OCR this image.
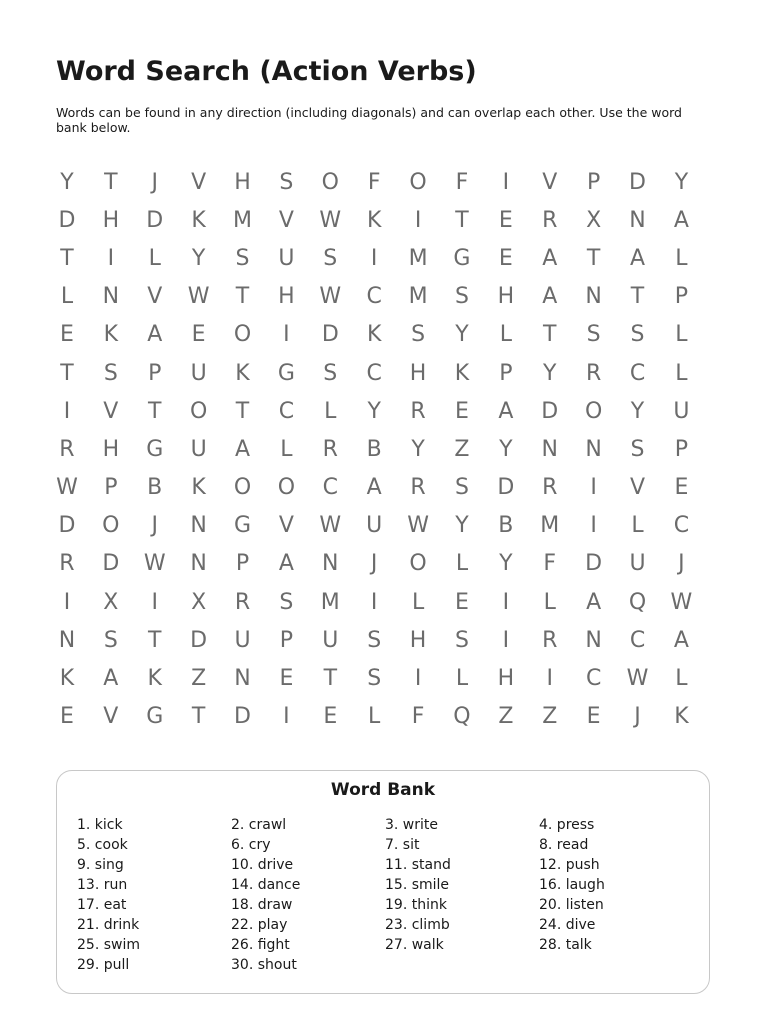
Word Search (Action Verbs)

Words can be found in any direction (including diagonals) and can overlap each other. Use the word bank below.

Y	T	J	V	H	S	O	F	O	F	I	V	P	D	Y
D	H	D	K	M	V	W	K	I	T	E	R	X	N	A
T	I	L	Y	S	U	S	I	M	G	E	A	T	A	L
L	N	V	W	T	H	W	C	M	S	H	A	N	T	P
E	K	A	E	O	I	D	K	S	Y	L	T	S	S	L
T	S	P	U	K	G	S	C	H	K	P	Y	R	C	L
I	V	T	O	T	C	L	Y	R	E	A	D	O	Y	U
R	H	G	U	A	L	R	B	Y	Z	Y	N	N	S	P
W	P	B	K	O	O	C	A	R	S	D	R	I	V	E
D	O	J	N	G	V	W	U	W	Y	B	M	I	L	C
R	D	W	N	P	A	N	J	O	L	Y	F	D	U	J
I	X	I	X	R	S	M	I	L	E	I	L	A	Q	W
N	S	T	D	U	P	U	S	H	S	I	R	N	C	A
K	A	K	Z	N	E	T	S	I	L	H	I	C	W	L
E	V	G	T	D	I	E	L	F	Q	Z	Z	E	J	K
Word Bank
1. kick	2. crawl	3. write	4. press
5. cook	6. cry	7. sit	8. read
9. sing	10. drive	11. stand	12. push
13. run	14. dance	15. smile	16. laugh
17. eat	18. draw	19. think	20. listen
21. drink	22. play	23. climb	24. dive
25. swim	26. fight	27. walk	28. talk
29. pull	30. shout
